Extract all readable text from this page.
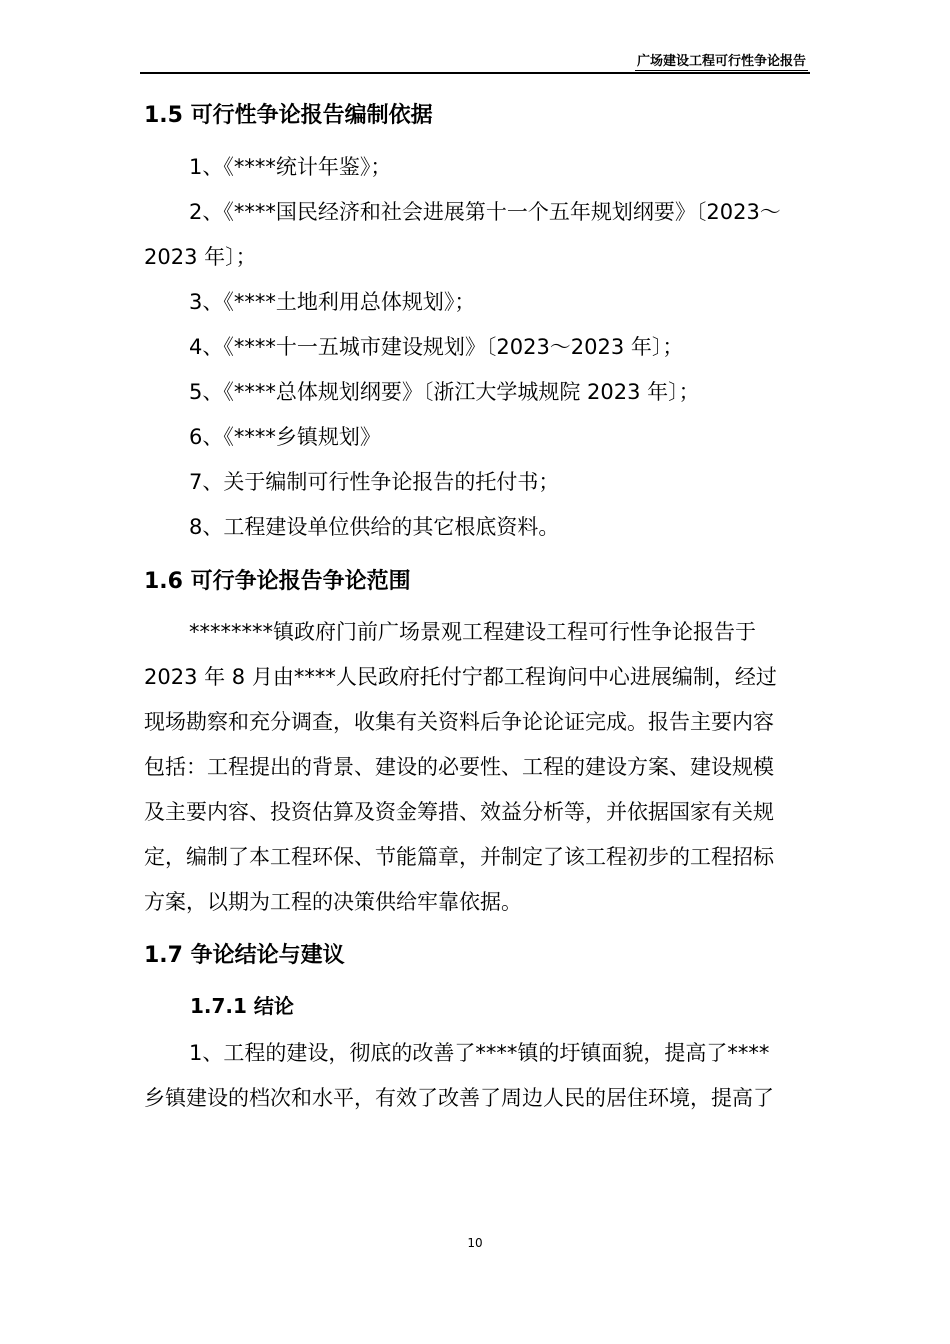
广场建设工程可行性争论报告
1.5 可行性争论报告编制依据
1、《****统计年鉴》；
2、《****国民经济和社会进展第十一个五年规划纲要》〔2023～
2023 年〕；
3、《****土地利用总体规划》；
4、《****十一五城市建设规划》〔2023～2023 年〕；
5、《****总体规划纲要》〔浙江大学城规院 2023 年〕；
6、《****乡镇规划》
7、关于编制可行性争论报告的托付书；
8、工程建设单位供给的其它根底资料。
1.6 可行争论报告争论范围
********镇政府门前广场景观工程建设工程可行性争论报告于
2023 年 8 月由****人民政府托付宁都工程询问中心进展编制，经过
现场勘察和充分调查，收集有关资料后争论论证完成。报告主要内容
包括：工程提出的背景、建设的必要性、工程的建设方案、建设规模
及主要内容、投资估算及资金筹措、效益分析等，并依据国家有关规
定，编制了本工程环保、节能篇章，并制定了该工程初步的工程招标
方案，以期为工程的决策供给牢靠依据。
1.7 争论结论与建议
1.7.1 结论
1、工程的建设，彻底的改善了****镇的圩镇面貌，提高了****
乡镇建设的档次和水平，有效了改善了周边人民的居住环境，提高了
10
